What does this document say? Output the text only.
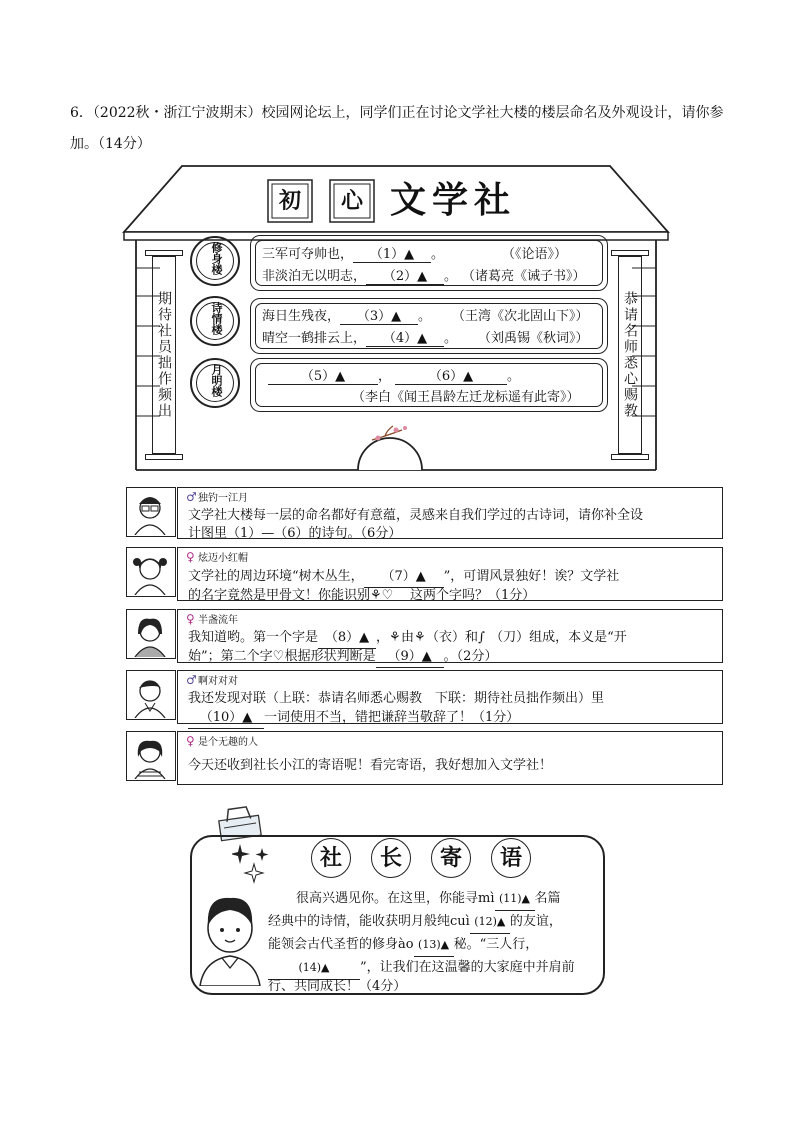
6．（2022秋・浙江宁波期末）校园网论坛上，同学们正在讨论文学社大楼的楼层命名及外观设计，请你参
加。（14分）
初	心 文学社
期待社员拙作频出	恭请名师悉心赐教
修身楼	三军可夺帅也， （1）▲ 。	（《论语》）
非淡泊无以明志， （2）▲ 。 （诸葛亮《诫子书》）
诗情楼	海日生残夜， （3）▲ 。 （王湾《次北固山下》）
晴空一鹤排云上， （4）▲ 。 （刘禹锡《秋词》）
月明楼	（5）▲	，	（6）▲	。
（李白《闻王昌龄左迁龙标遥有此寄》）
♂独钓一江月
文学社大楼每一层的命名都好有意蕴，灵感来自我们学过的古诗词，请你补全设
计图里（1）—（6）的诗句。（6分）
♀ 炫迈小红帽
文学社的周边环境“树木丛生， （7）▲ ”，可谓风景独好！诶？文学社
的名字竟然是甲骨文！你能识别⚘♡ 这两个字吗？（1分）
♀ 半盏流年
我知道哟。第一个字是 （8）▲ ，⚘由⚘（衣）和∫ （刀）组成，本义是“开
始”；第二个字♡根据形状判断是 （9）▲ 。（2分）
♂啊对对对
我还发现对联（上联：恭请名师悉心赐教　下联：期待社员拙作频出）里
（10）▲ 一词使用不当，错把谦辞当敬辞了！（1分）
♀ 是个无趣的人
今天还收到社长小江的寄语呢！看完寄语，我好想加入文学社！
社	长	寄	语
很高兴遇见你。在这里，你能寻mì (11)▲ 名篇
经典中的诗情，能收获明月般纯cuì (12)▲ 的友谊，
能领会古代圣哲的修身ào (13)▲ 秘。“三人行，
(14)▲ ”，让我们在这温馨的大家庭中并肩前
行、共同成长！（4分）
